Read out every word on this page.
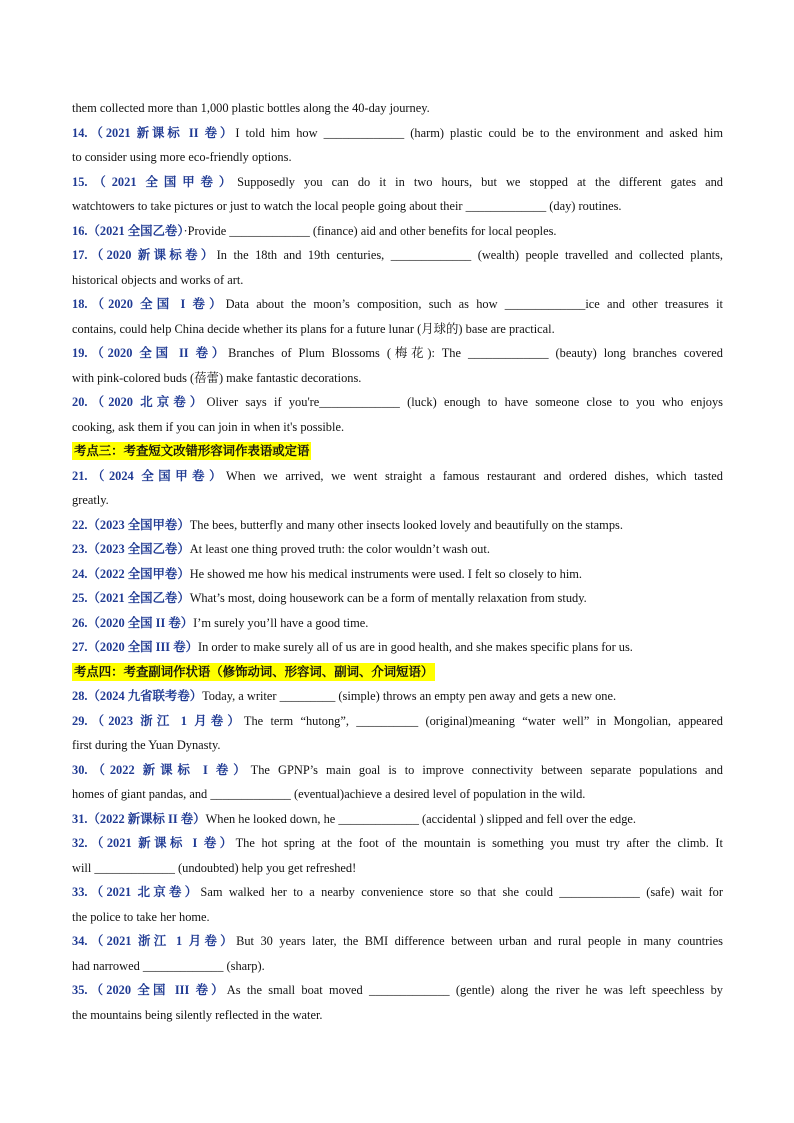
them collected more than 1,000 plastic bottles along the 40-day journey.
14.（2021 新课标 II 卷）I told him how _____________ (harm) plastic could be to the environment and asked him
to consider using more eco-friendly options.
15.（2021 全国甲卷）Supposedly you can do it in two hours, but we stopped at the different gates and
watchtowers to take pictures or just to watch the local people going about their _____________ (day) routines.
16.（2021 全国乙卷）·Provide _____________ (finance) aid and other benefits for local peoples.
17.（2020 新课标卷）In the 18th and 19th centuries, _____________ (wealth) people travelled and collected plants,
historical objects and works of art.
18.（2020 全国 I 卷）Data about the moon’s composition, such as how _____________ice and other treasures it
contains, could help China decide whether its plans for a future lunar (月球的) base are practical.
19.（2020 全国 II 卷）Branches of Plum Blossoms (梅花): The _____________ (beauty) long branches covered
with pink-colored buds (蓓蕾) make fantastic decorations.
20.（2020 北京卷）Oliver says if you're_____________ (luck) enough to have someone close to you who enjoys
cooking, ask them if you can join in when it's possible.
考点三：考查短文改错形容词作表语或定语
21.（2024 全国甲卷）When we arrived, we went straight a famous restaurant and ordered dishes, which tasted
greatly.
22.（2023 全国甲卷）The bees, butterfly and many other insects looked lovely and beautifully on the stamps.
23.（2023 全国乙卷）At least one thing proved truth: the color wouldn’t wash out.
24.（2022 全国甲卷）He showed me how his medical instruments were used. I felt so closely to him.
25.（2021 全国乙卷）What’s most, doing housework can be a form of mentally relaxation from study.
26.（2020 全国 II 卷）I’m surely you’ll have a good time.
27.（2020 全国 III 卷）In order to make surely all of us are in good health, and she makes specific plans for us.
考点四：考查副词作状语（修饰动词、形容词、副词、介词短语）
28.（2024 九省联考卷）Today, a writer _________ (simple) throws an empty pen away and gets a new one.
29.（2023 浙江 1 月卷）The term “hutong”, __________ (original)meaning “water well” in Mongolian, appeared
first during the Yuan Dynasty.
30.（2022 新课标 I 卷）The GPNP’s main goal is to improve connectivity between separate populations and
homes of giant pandas, and _____________ (eventual)achieve a desired level of population in the wild.
31.（2022 新课标 II 卷）When he looked down, he _____________ (accidental ) slipped and fell over the edge.
32.（2021 新课标 I 卷）The hot spring at the foot of the mountain is something you must try after the climb. It
will _____________ (undoubted) help you get refreshed!
33.（2021 北京卷）Sam walked her to a nearby convenience store so that she could _____________ (safe) wait for
the police to take her home.
34.（2021 浙江 1 月卷）But 30 years later, the BMI difference between urban and rural people in many countries
had narrowed _____________ (sharp).
35.（2020 全国 III 卷）As the small boat moved _____________ (gentle) along the river he was left speechless by
the mountains being silently reflected in the water.
